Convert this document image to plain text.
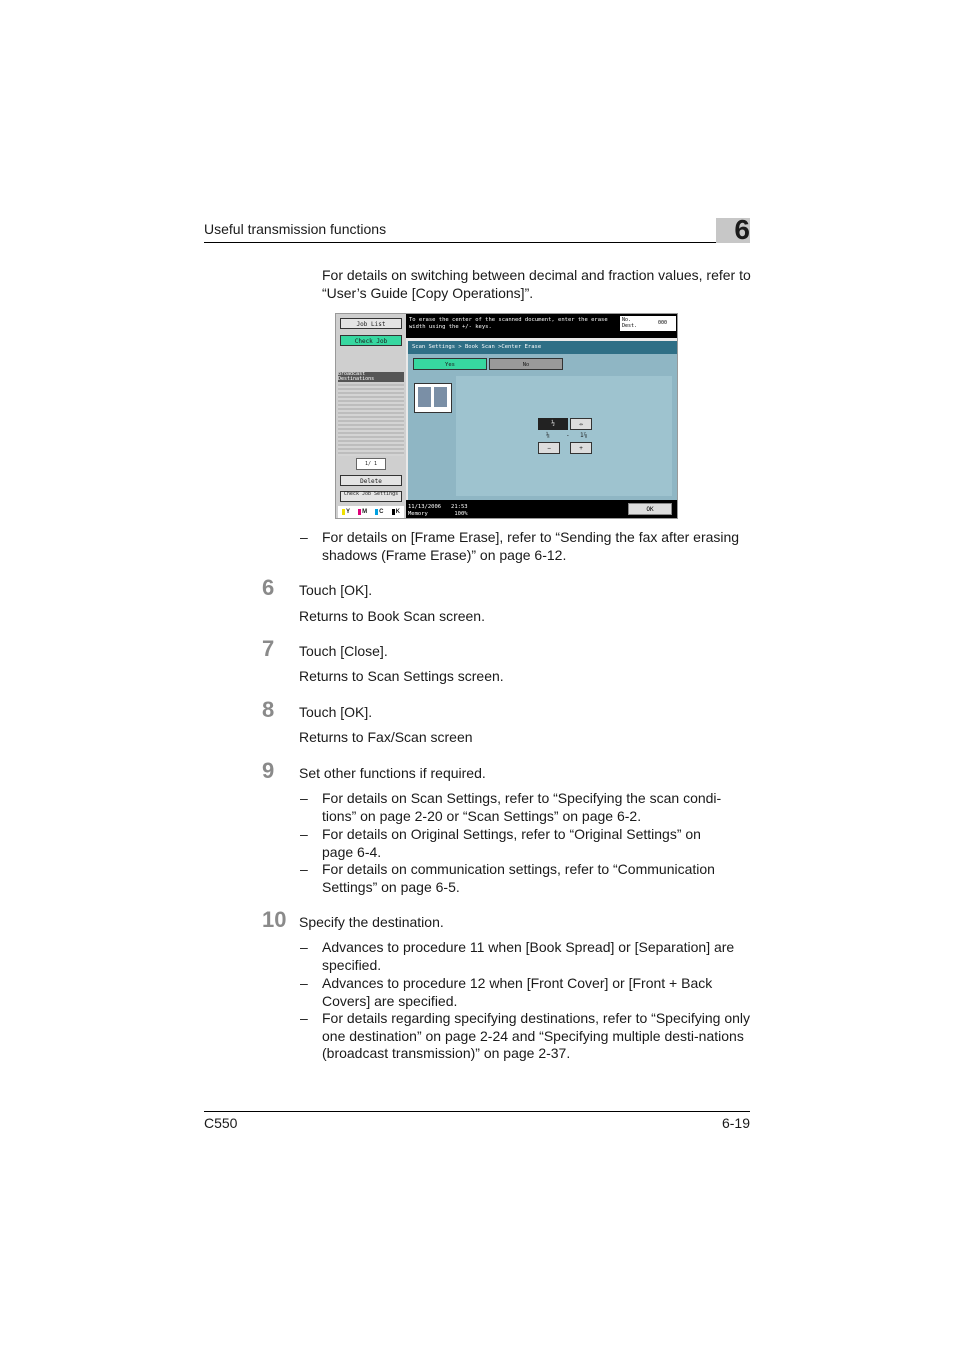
Useful transmission functions	6
For details on switching between decimal and fraction values, refer to “User’s Guide [Copy Operations]”.
Job List
Check Job
Broadcast Destinations
1/ 1
Delete
Check Job Settings
Y	M	C	K
To erase the center of the scanned document, enter the erase width using the +/- keys.
No.
Dest.	000
Scan Settings > Book Scan >Center Erase
Yes	No
½	⇔
⅛	- 1⅞
−	+
11/13/2006   21:53
Memory        100%
OK
– For details on [Frame Erase], refer to “Sending the fax after erasing shadows (Frame Erase)” on page 6-12.
6 Touch [OK].
Returns to Book Scan screen.
7 Touch [Close].
Returns to Scan Settings screen.
8 Touch [OK].
Returns to Fax/Scan screen
9 Set other functions if required.
– For details on Scan Settings, refer to “Specifying the scan condi-tions” on page 2-20 or “Scan Settings” on page 6-2.
– For details on Original Settings, refer to “Original Settings” on page 6-4.
– For details on communication settings, refer to “Communication Settings” on page 6-5.
10 Specify the destination.
– Advances to procedure 11 when [Book Spread] or [Separation] are specified.
– Advances to procedure 12 when [Front Cover] or [Front + Back Covers] are specified.
– For details regarding specifying destinations, refer to “Specifying only one destination” on page 2-24 and “Specifying multiple desti-nations (broadcast transmission)” on page 2-37.
C550	6-19
